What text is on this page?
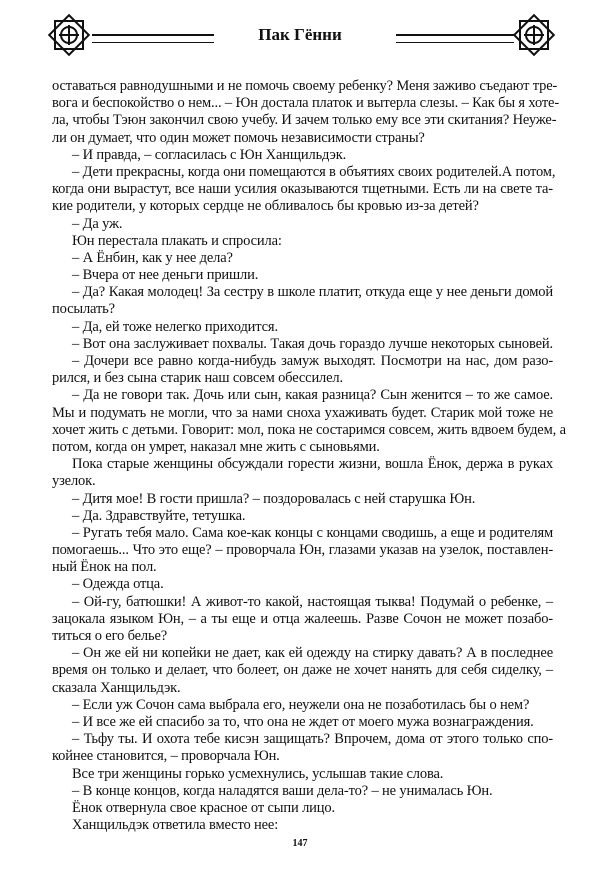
Пак Гённи
оставаться равнодушными и не помочь своему ребенку? Меня заживо съедают тре-
вога и беспокойство о нем... – Юн достала платок и вытерла слезы. – Как бы я хоте-
ла, чтобы Тэюн закончил свою учебу. И зачем только ему все эти скитания? Неуже-
ли он думает, что один может помочь независимости страны?
– И правда, – согласилась с Юн Ханщильдэк.
– Дети прекрасны, когда они помещаются в объятиях своих родителей.А потом,
когда они вырастут, все наши усилия оказываются тщетными. Есть ли на свете та-
кие родители, у которых сердце не обливалось бы кровью из-за детей?
– Да уж.
Юн перестала плакать и спросила:
– А Ёнбин, как у нее дела?
– Вчера от нее деньги пришли.
– Да? Какая молодец! За сестру в школе платит, откуда еще у нее деньги домой
посылать?
– Да, ей тоже нелегко приходится.
– Вот она заслуживает похвалы. Такая дочь гораздо лучше некоторых сыновей.
– Дочери все равно когда-нибудь замуж выходят. Посмотри на нас, дом разо-
рился, и без сына старик наш совсем обессилел.
– Да не говори так. Дочь или сын, какая разница? Сын женится – то же самое.
Мы и подумать не могли, что за нами сноха ухаживать будет. Старик мой тоже не
хочет жить с детьми. Говорит: мол, пока не состаримся совсем, жить вдвоем будем, а
потом, когда он умрет, наказал мне жить с сыновьями.
Пока старые женщины обсуждали горести жизни, вошла Ёнок, держа в руках
узелок.
– Дитя мое! В гости пришла? – поздоровалась с ней старушка Юн.
– Да. Здравствуйте, тетушка.
– Ругать тебя мало. Сама кое-как концы с концами сводишь, а еще и родителям
помогаешь... Что это еще? – проворчала Юн, глазами указав на узелок, поставлен-
ный Ёнок на пол.
– Одежда отца.
– Ой-гу, батюшки! А живот-то какой, настоящая тыква! Подумай о ребенке, –
зацокала языком Юн, – а ты еще и отца жалеешь. Разве Сочон не может позабо-
титься о его белье?
– Он же ей ни копейки не дает, как ей одежду на стирку давать? А в последнее
время он только и делает, что болеет, он даже не хочет нанять для себя сиделку, –
сказала Ханщильдэк.
– Если уж Сочон сама выбрала его, неужели она не позаботилась бы о нем?
– И все же ей спасибо за то, что она не ждет от моего мужа вознаграждения.
– Тьфу ты. И охота тебе кисэн защищать? Впрочем, дома от этого только спо-
койнее становится, – проворчала Юн.
Все три женщины горько усмехнулись, услышав такие слова.
– В конце концов, когда наладятся ваши дела-то? – не унималась Юн.
Ёнок отвернула свое красное от сыпи лицо.
Ханщильдэк ответила вместо нее:
147
